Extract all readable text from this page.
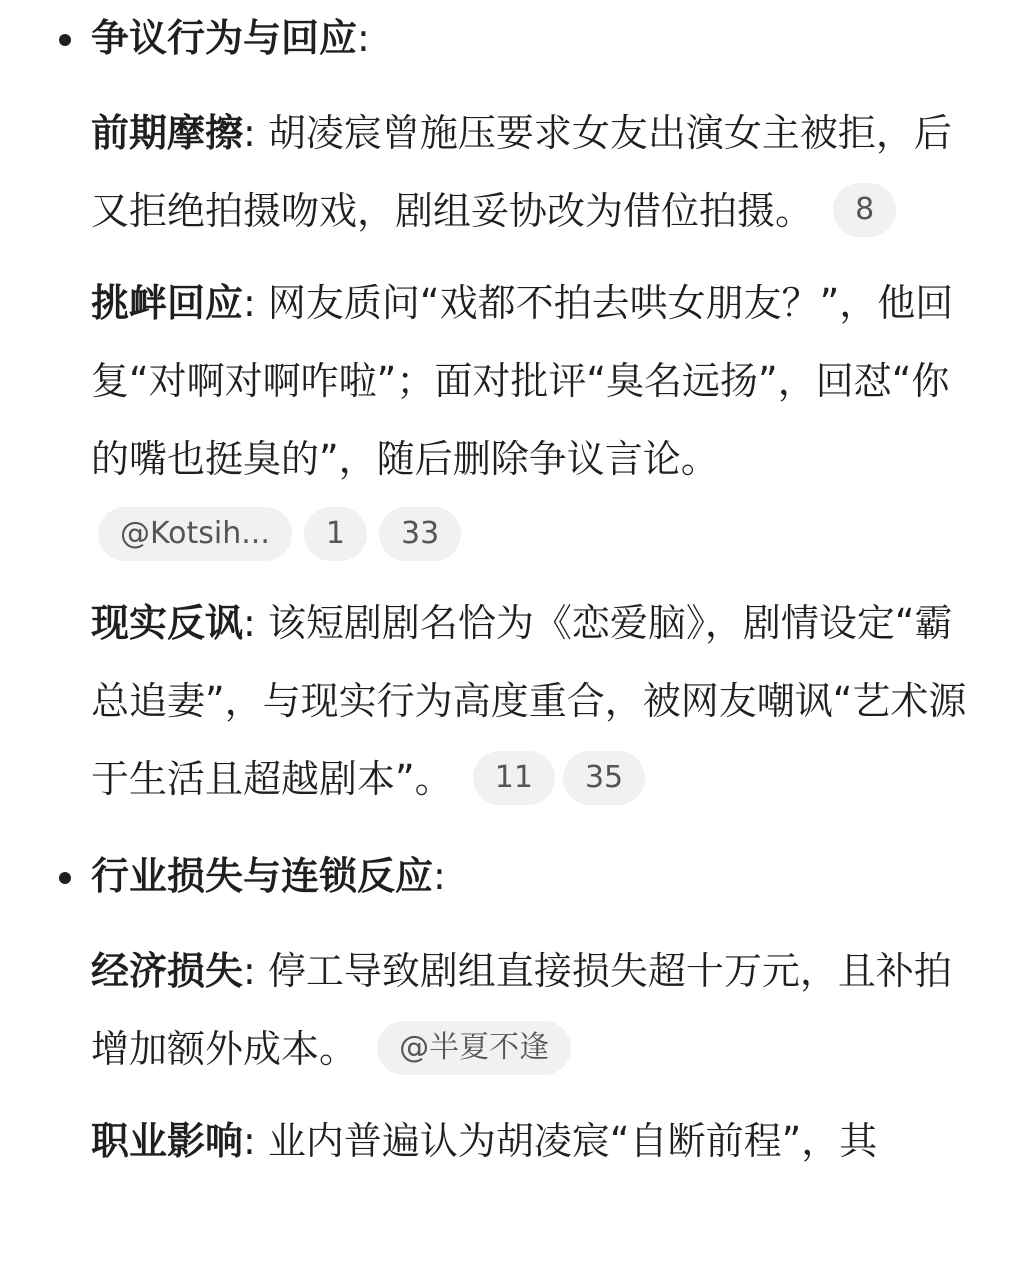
争议行为与回应:

前期摩擦: 胡凌宸曾施压要求女友出演女主被拒，后又拒绝拍摄吻戏，剧组妥协改为借位拍摄。 8

挑衅回应: 网友质问“戏都不拍去哄女朋友？”，他回复“对啊对啊咋啦”；面对批评“臭名远扬”，回怼“你的嘴也挺臭的”，随后删除争议言论。

@Kotsih... 1 33

现实反讽: 该短剧剧名恰为《恋爱脑》，剧情设定“霸总追妻”，与现实行为高度重合，被网友嘲讽“艺术源于生活且超越剧本”。 11 35

行业损失与连锁反应:

经济损失: 停工导致剧组直接损失超十万元，且补拍增加额外成本。 @半夏不逢

职业影响: 业内普遍认为胡凌宸“自断前程”，其
